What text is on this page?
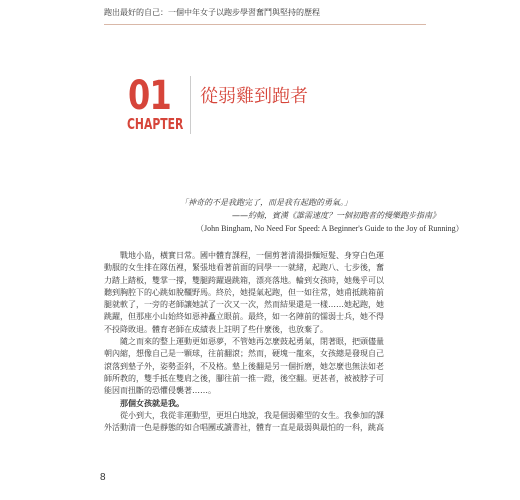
跑出最好的自己：一個中年女子以跑步學習奮鬥與堅持的歷程
01
CHAPTER
從弱雞到跑者
「神奇的不是我跑完了，而是我有起跑的勇氣。」
——約翰，賓漢《誰需速度？一個初跑者的慢樂跑步指南》
（John Bingham, No Need For Speed: A Beginner's Guide to the Joy of Running）
戰地小島，橫實日常。國中體育課程，一個剪著清湯掛麵短髮、身穿白色運
動服的女生排在隊伍裡，緊張地看著前面的同學一一就緒，起跑八、七步後，奮
力踏上踏板，雙掌一撐，雙腿跨躍過跳箱，漂亮落地。輪到女孩時，她幾乎可以
聽到胸腔下的心跳如脫韁野馬。終於，她提氣起跑，但一如往常，她甫抵跳箱前
腿就軟了，一旁的老師讓她試了一次又一次，然而結果還是一樣……她起跑，她
跳躍，但那座小山始終如惡神矗立眼前。最終，如一名陣前的懦弱士兵，她不得
不投降敗退。體育老師在成績表上註明了些什麼後，也放棄了。
隨之而來的整上運動更如惡夢，不管她再怎麼鼓起勇氣，閉著眼，把頭儘量
朝內縮，想像自己是一顆球，往前翻滾；然而，硬塊一龍來，女孩總是發現自己
滾落到墊子外，姿勢歪斜，不及格。墊上後翻是另一個折磨，她怎麼也無法如老
師所教的，雙手抵在雙肩之後，腳往前一推一蹬，後空翻。更甚者，被被脖子可
能因而扭斷的恐懼侵襲著……。
那個女孩就是我。
從小到大，我從非運動型，更坦白地說，我是個弱雞型的女生。我參加的課
外活動清一色是靜態的如合唱團或讀書社，體育一直是最弱與最怕的一科，跳高
8
